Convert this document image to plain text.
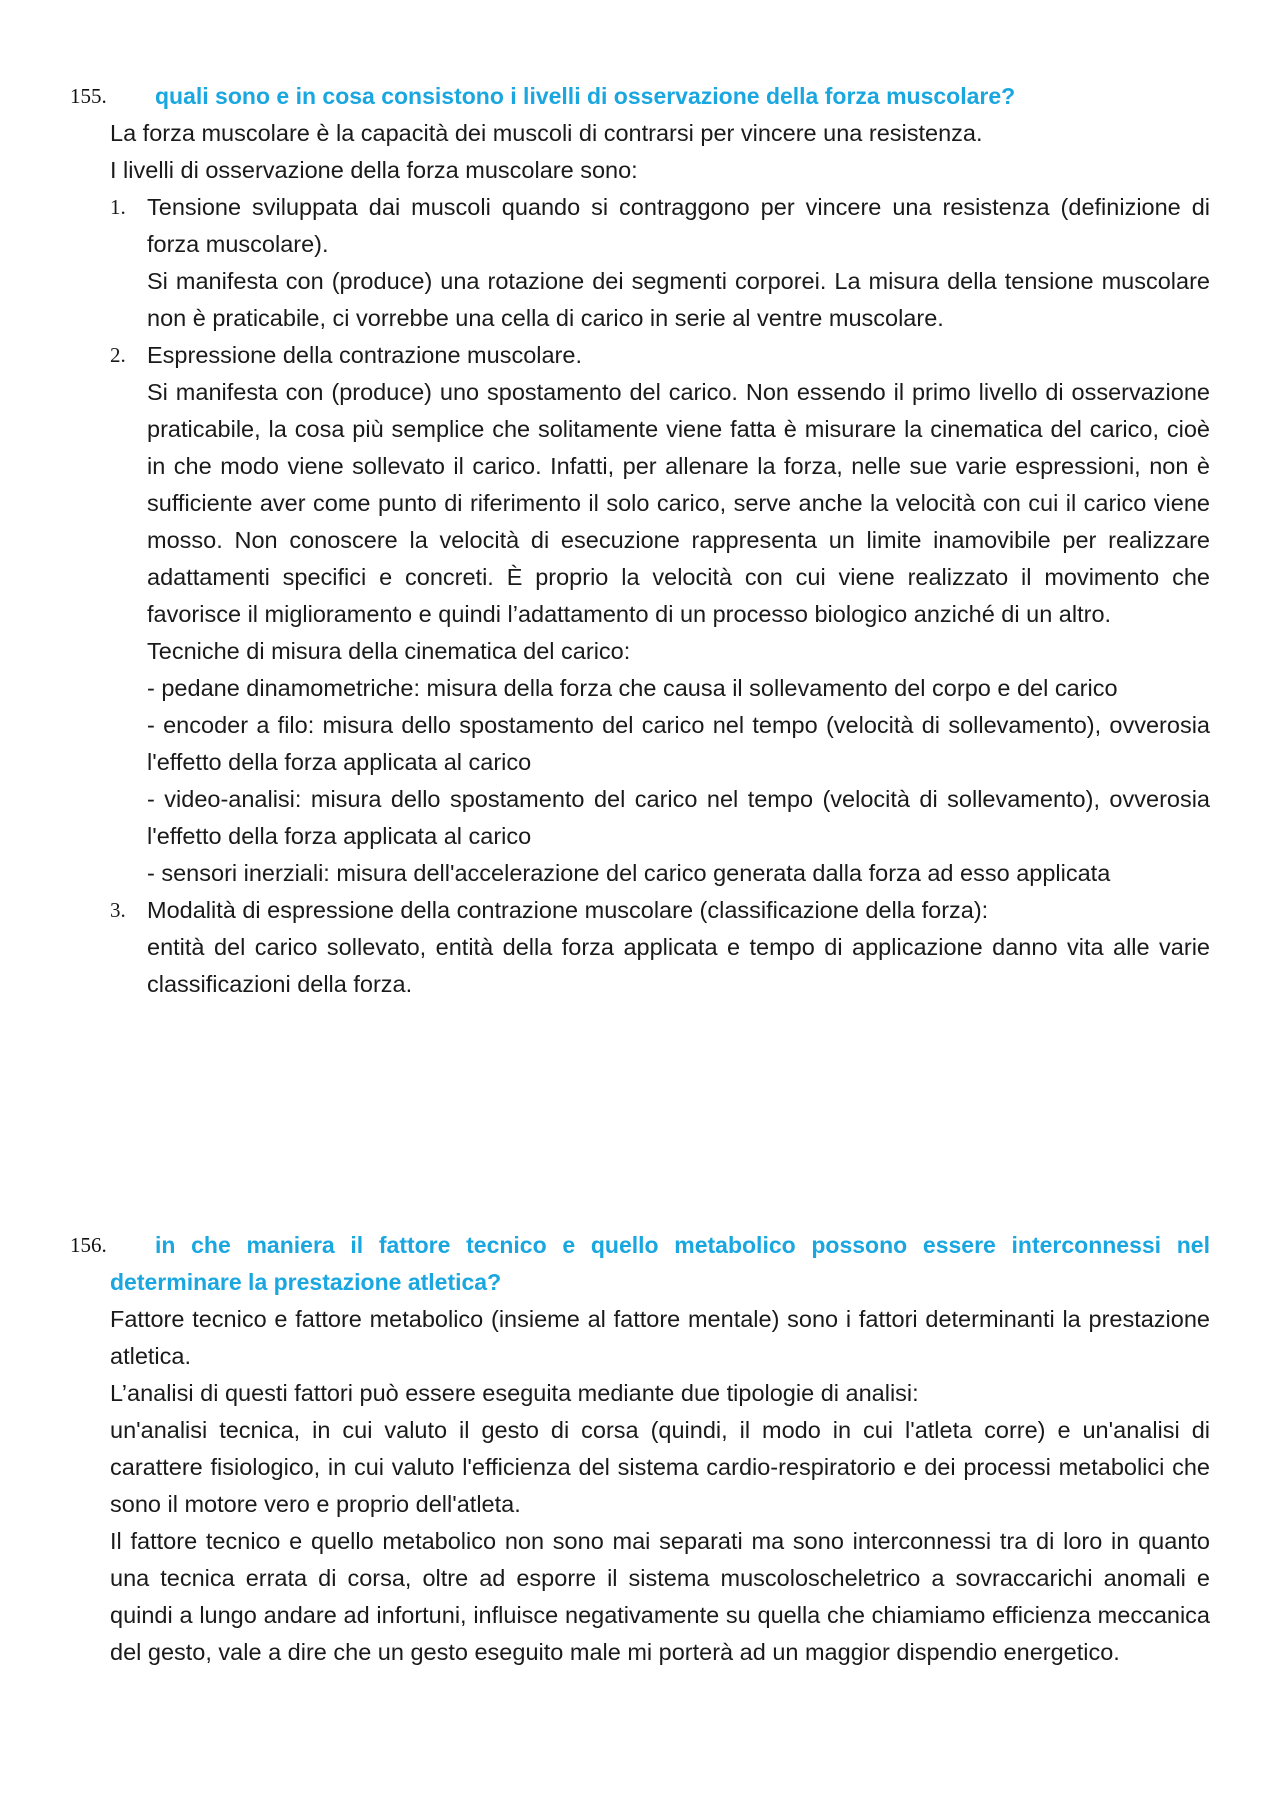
155.	quali sono e in cosa consistono i livelli di osservazione della forza muscolare?

La forza muscolare è la capacità dei muscoli di contrarsi per vincere una resistenza.

I livelli di osservazione della forza muscolare sono:

1. Tensione sviluppata dai muscoli quando si contraggono per vincere una resistenza (definizione di forza muscolare).

Si manifesta con (produce) una rotazione dei segmenti corporei. La misura della tensione muscolare non è praticabile, ci vorrebbe una cella di carico in serie al ventre muscolare.

2. Espressione della contrazione muscolare.

Si manifesta con (produce) uno spostamento del carico. Non essendo il primo livello di osservazione praticabile, la cosa più semplice che solitamente viene fatta è misurare la cinematica del carico, cioè in che modo viene sollevato il carico. Infatti, per allenare la forza, nelle sue varie espressioni, non è sufficiente aver come punto di riferimento il solo carico, serve anche la velocità con cui il carico viene mosso. Non conoscere la velocità di esecuzione rappresenta un limite inamovibile per realizzare adattamenti specifici e concreti. È proprio la velocità con cui viene realizzato il movimento che favorisce il miglioramento e quindi l’adattamento di un processo biologico anziché di un altro.

Tecniche di misura della cinematica del carico:

- pedane dinamometriche: misura della forza che causa il sollevamento del corpo e del carico

- encoder a filo: misura dello spostamento del carico nel tempo (velocità di sollevamento), ovverosia l'effetto della forza applicata al carico

- video-analisi: misura dello spostamento del carico nel tempo (velocità di sollevamento), ovverosia l'effetto della forza applicata al carico

- sensori inerziali: misura dell'accelerazione del carico generata dalla forza ad esso applicata

3. Modalità di espressione della contrazione muscolare (classificazione della forza):

entità del carico sollevato, entità della forza applicata e tempo di applicazione danno vita alle varie classificazioni della forza.

156.	in che maniera il fattore tecnico e quello metabolico possono essere interconnessi nel determinare la prestazione atletica?

Fattore tecnico e fattore metabolico (insieme al fattore mentale) sono i fattori determinanti la prestazione atletica.

L’analisi di questi fattori può essere eseguita mediante due tipologie di analisi:

un'analisi tecnica, in cui valuto il gesto di corsa (quindi, il modo in cui l'atleta corre) e un'analisi di carattere fisiologico, in cui valuto l'efficienza del sistema cardio-respiratorio e dei processi metabolici che sono il motore vero e proprio dell'atleta.

Il fattore tecnico e quello metabolico non sono mai separati ma sono interconnessi tra di loro in quanto una tecnica errata di corsa, oltre ad esporre il sistema muscoloscheletrico a sovraccarichi anomali e quindi a lungo andare ad infortuni, influisce negativamente su quella che chiamiamo efficienza meccanica del gesto, vale a dire che un gesto eseguito male mi porterà ad un maggior dispendio energetico.
